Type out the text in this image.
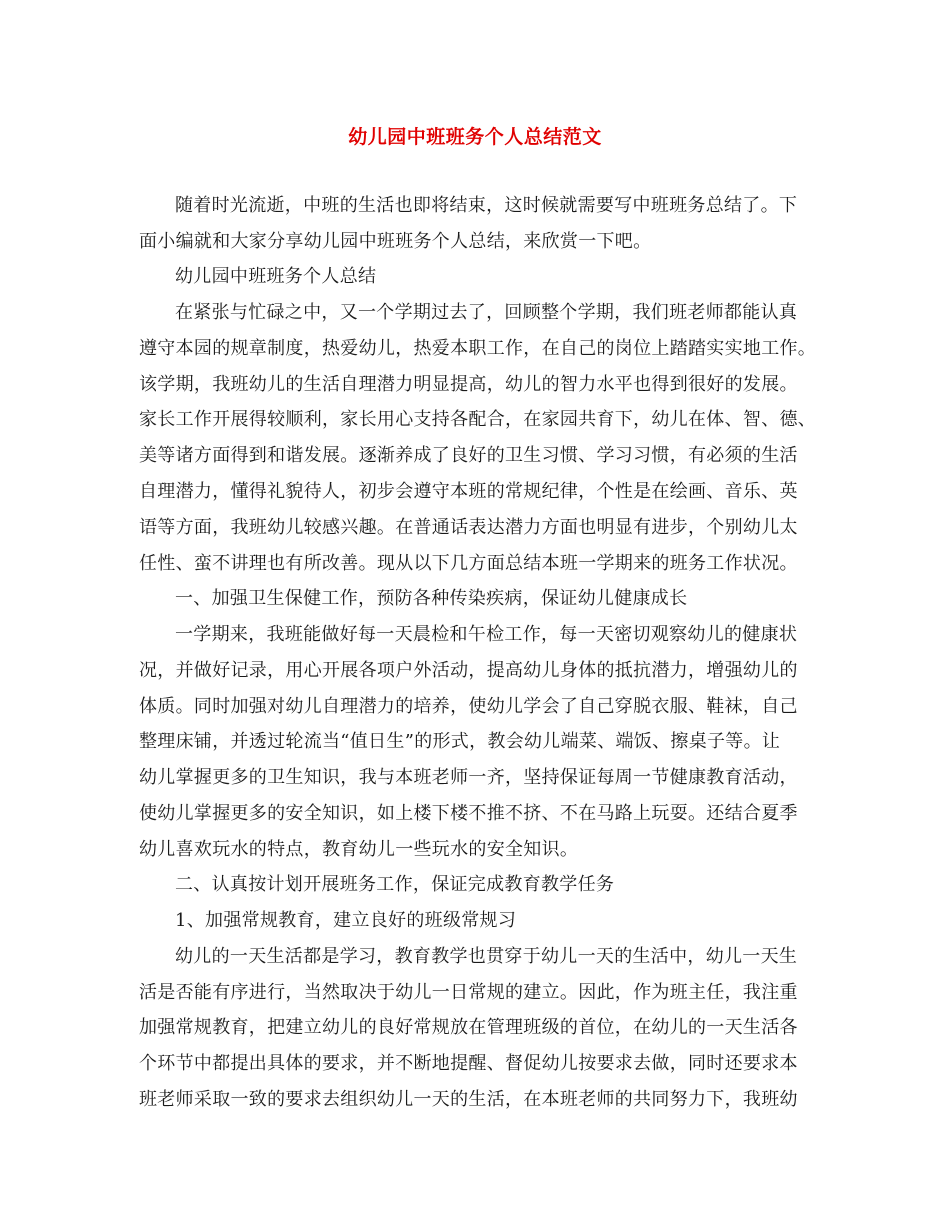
幼儿园中班班务个人总结范文
随着时光流逝，中班的生活也即将结束，这时候就需要写中班班务总结了。下
面小编就和大家分享幼儿园中班班务个人总结，来欣赏一下吧。
幼儿园中班班务个人总结
在紧张与忙碌之中，又一个学期过去了，回顾整个学期，我们班老师都能认真
遵守本园的规章制度，热爱幼儿，热爱本职工作，在自己的岗位上踏踏实实地工作。
该学期，我班幼儿的生活自理潜力明显提高，幼儿的智力水平也得到很好的发展。
家长工作开展得较顺利，家长用心支持各配合，在家园共育下，幼儿在体、智、德、
美等诸方面得到和谐发展。逐渐养成了良好的卫生习惯、学习习惯，有必须的生活
自理潜力，懂得礼貌待人，初步会遵守本班的常规纪律，个性是在绘画、音乐、英
语等方面，我班幼儿较感兴趣。在普通话表达潜力方面也明显有进步，个别幼儿太
任性、蛮不讲理也有所改善。现从以下几方面总结本班一学期来的班务工作状况。
一、加强卫生保健工作，预防各种传染疾病，保证幼儿健康成长
一学期来，我班能做好每一天晨检和午检工作，每一天密切观察幼儿的健康状
况，并做好记录，用心开展各项户外活动，提高幼儿身体的抵抗潜力，增强幼儿的
体质。同时加强对幼儿自理潜力的培养，使幼儿学会了自己穿脱衣服、鞋袜，自己
整理床铺，并透过轮流当“值日生”的形式，教会幼儿端菜、端饭、擦桌子等。让
幼儿掌握更多的卫生知识，我与本班老师一齐，坚持保证每周一节健康教育活动，
使幼儿掌握更多的安全知识，如上楼下楼不推不挤、不在马路上玩耍。还结合夏季
幼儿喜欢玩水的特点，教育幼儿一些玩水的安全知识。
二、认真按计划开展班务工作，保证完成教育教学任务
1、加强常规教育，建立良好的班级常规习
幼儿的一天生活都是学习，教育教学也贯穿于幼儿一天的生活中，幼儿一天生
活是否能有序进行，当然取决于幼儿一日常规的建立。因此，作为班主任，我注重
加强常规教育，把建立幼儿的良好常规放在管理班级的首位，在幼儿的一天生活各
个环节中都提出具体的要求，并不断地提醒、督促幼儿按要求去做，同时还要求本
班老师采取一致的要求去组织幼儿一天的生活，在本班老师的共同努力下，我班幼
